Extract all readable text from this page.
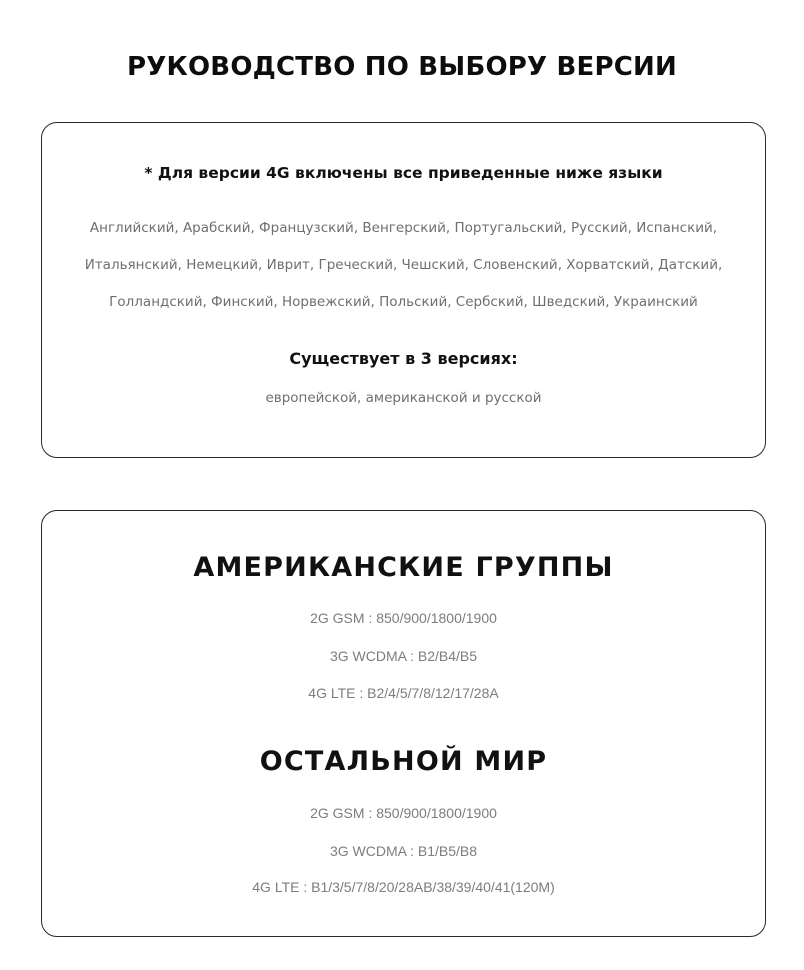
РУКОВОДСТВО ПО ВЫБОРУ ВЕРСИИ
* Для версии 4G включены все приведенные ниже языки
Английский, Арабский, Французский, Венгерский, Португальский, Русский, Испанский,
Итальянский, Немецкий, Иврит, Греческий, Чешский, Словенский, Хорватский, Датский,
Голландский, Финский, Норвежский, Польский, Сербский, Шведский, Украинский
Существует в 3 версиях:
европейской, американской и русской
АМЕРИКАНСКИЕ ГРУППЫ
2G GSM : 850/900/1800/1900
3G WCDMA : B2/B4/B5
4G LTE : B2/4/5/7/8/12/17/28A
ОСТАЛЬНОЙ МИР
2G GSM : 850/900/1800/1900
3G WCDMA : B1/B5/B8
4G LTE : B1/3/5/7/8/20/28AB/38/39/40/41(120M)
